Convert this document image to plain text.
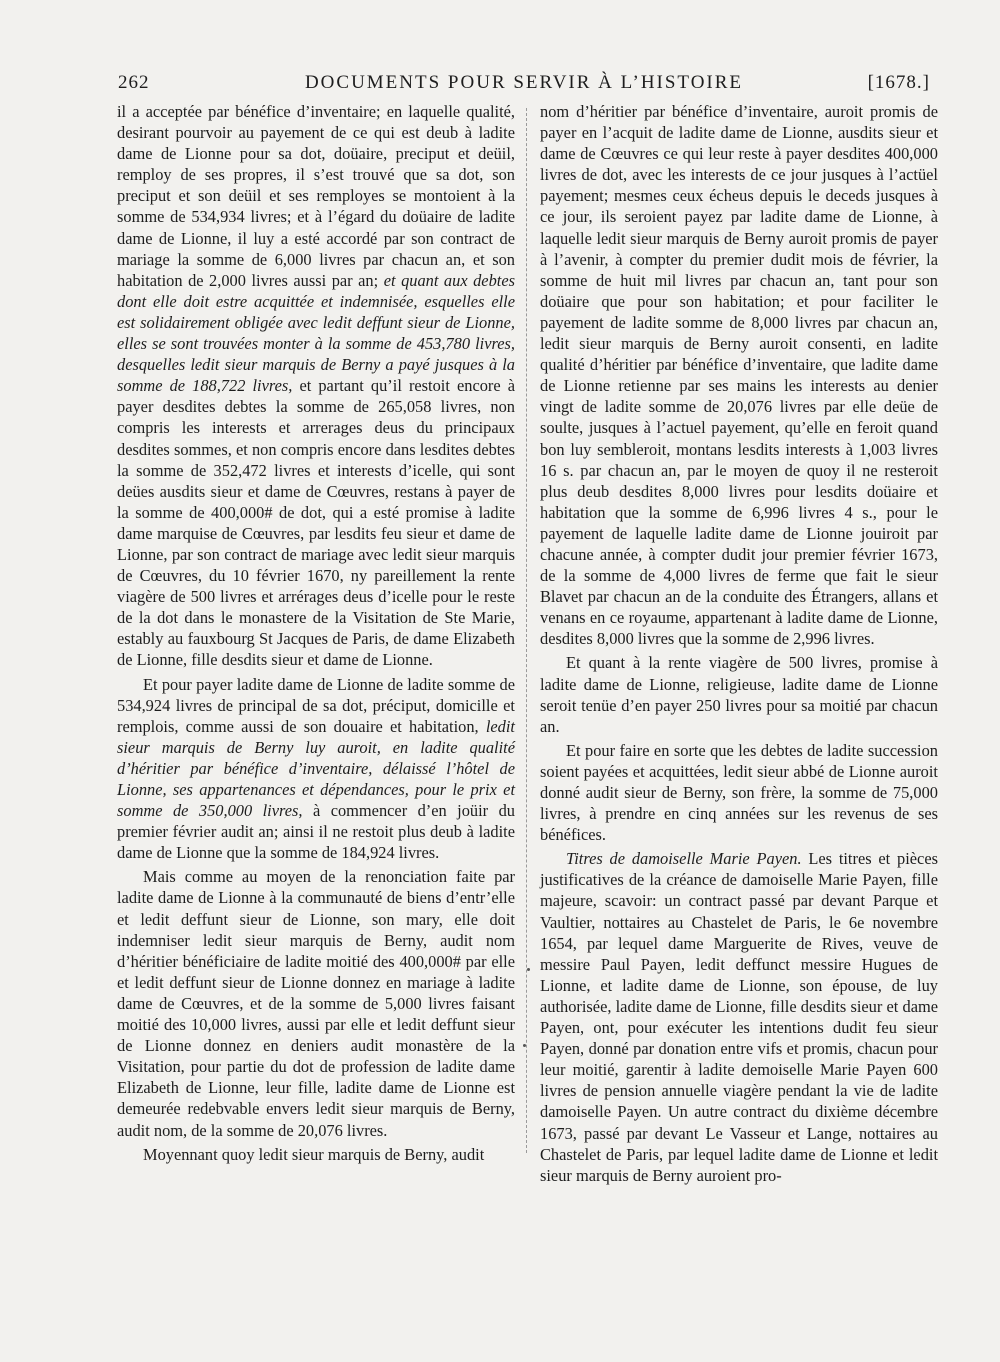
262	DOCUMENTS POUR SERVIR À L’HISTOIRE	[1678.]

il a acceptée par bénéfice d’inventaire; en laquelle qualité, desirant pourvoir au payement de ce qui est deub à ladite dame de Lionne pour sa dot, doüaire, preciput et deüil, remploy de ses propres, il s’est trouvé que sa dot, son preciput et son deüil et ses remployes se montoient à la somme de 534,934 livres; et à l’égard du doüaire de ladite dame de Lionne, il luy a esté accordé par son contract de mariage la somme de 6,000 livres par chacun an, et son habitation de 2,000 livres aussi par an; et quant aux debtes dont elle doit estre acquittée et indemnisée, esquelles elle est solidairement obligée avec ledit deffunt sieur de Lionne, elles se sont trouvées monter à la somme de 453,780 livres, desquelles ledit sieur marquis de Berny a payé jusques à la somme de 188,722 livres, et partant qu’il restoit encore à payer desdites debtes la somme de 265,058 livres, non compris les interests et arrerages deus du principaux desdites sommes, et non compris encore dans lesdites debtes la somme de 352,472 livres et interests d’icelle, qui sont deües ausdits sieur et dame de Cœuvres, restans à payer de la somme de 400,000# de dot, qui a esté promise à ladite dame marquise de Cœuvres, par lesdits feu sieur et dame de Lionne, par son contract de mariage avec ledit sieur marquis de Cœuvres, du 10 février 1670, ny pareillement la rente viagère de 500 livres et arrérages deus d’icelle pour le reste de la dot dans le monastere de la Visitation de Ste Marie, estably au fauxbourg St Jacques de Paris, de dame Elizabeth de Lionne, fille desdits sieur et dame de Lionne.

Et pour payer ladite dame de Lionne de ladite somme de 534,924 livres de principal de sa dot, préciput, domicille et remplois, comme aussi de son douaire et habitation, ledit sieur marquis de Berny luy auroit, en ladite qualité d’héritier par bénéfice d’inventaire, délaissé l’hôtel de Lionne, ses appartenances et dépendances, pour le prix et somme de 350,000 livres, à commencer d’en joüir du premier février audit an; ainsi il ne restoit plus deub à ladite dame de Lionne que la somme de 184,924 livres.

Mais comme au moyen de la renonciation faite par ladite dame de Lionne à la communauté de biens d’entr’elle et ledit deffunt sieur de Lionne, son mary, elle doit indemniser ledit sieur marquis de Berny, audit nom d’héritier bénéficiaire de ladite moitié des 400,000# par elle et ledit deffunt sieur de Lionne donnez en mariage à ladite dame de Cœuvres, et de la somme de 5,000 livres faisant moitié des 10,000 livres, aussi par elle et ledit deffunt sieur de Lionne donnez en deniers audit monastère de la Visitation, pour partie du dot de profession de ladite dame Elizabeth de Lionne, leur fille, ladite dame de Lionne est demeurée redebvable envers ledit sieur marquis de Berny, audit nom, de la somme de 20,076 livres.

Moyennant quoy ledit sieur marquis de Berny, audit

nom d’héritier par bénéfice d’inventaire, auroit promis de payer en l’acquit de ladite dame de Lionne, ausdits sieur et dame de Cœuvres ce qui leur reste à payer desdites 400,000 livres de dot, avec les interests de ce jour jusques à l’actüel payement; mesmes ceux écheus depuis le deceds jusques à ce jour, ils seroient payez par ladite dame de Lionne, à laquelle ledit sieur marquis de Berny auroit promis de payer à l’avenir, à compter du premier dudit mois de février, la somme de huit mil livres par chacun an, tant pour son doüaire que pour son habitation; et pour faciliter le payement de ladite somme de 8,000 livres par chacun an, ledit sieur marquis de Berny auroit consenti, en ladite qualité d’héritier par bénéfice d’inventaire, que ladite dame de Lionne retienne par ses mains les interests au denier vingt de ladite somme de 20,076 livres par elle deüe de soulte, jusques à l’actuel payement, qu’elle en feroit quand bon luy sembleroit, montans lesdits interests à 1,003 livres 16 s. par chacun an, par le moyen de quoy il ne resteroit plus deub desdites 8,000 livres pour lesdits doüaire et habitation que la somme de 6,996 livres 4 s., pour le payement de laquelle ladite dame de Lionne jouiroit par chacune année, à compter dudit jour premier février 1673, de la somme de 4,000 livres de ferme que fait le sieur Blavet par chacun an de la conduite des Étrangers, allans et venans en ce royaume, appartenant à ladite dame de Lionne, desdites 8,000 livres que la somme de 2,996 livres.

Et quant à la rente viagère de 500 livres, promise à ladite dame de Lionne, religieuse, ladite dame de Lionne seroit tenüe d’en payer 250 livres pour sa moitié par chacun an.

Et pour faire en sorte que les debtes de ladite succession soient payées et acquittées, ledit sieur abbé de Lionne auroit donné audit sieur de Berny, son frère, la somme de 75,000 livres, à prendre en cinq années sur les revenus de ses bénéfices.

Titres de damoiselle Marie Payen. Les titres et pièces justificatives de la créance de damoiselle Marie Payen, fille majeure, scavoir: un contract passé par devant Parque et Vaultier, nottaires au Chastelet de Paris, le 6e novembre 1654, par lequel dame Marguerite de Rives, veuve de messire Paul Payen, ledit deffunct messire Hugues de Lionne, et ladite dame de Lionne, son épouse, de luy authorisée, ladite dame de Lionne, fille desdits sieur et dame Payen, ont, pour exécuter les intentions dudit feu sieur Payen, donné par donation entre vifs et promis, chacun pour leur moitié, garentir à ladite demoiselle Marie Payen 600 livres de pension annuelle viagère pendant la vie de ladite damoiselle Payen. Un autre contract du dixième décembre 1673, passé par devant Le Vasseur et Lange, nottaires au Chastelet de Paris, par lequel ladite dame de Lionne et ledit sieur marquis de Berny auroient pro-
